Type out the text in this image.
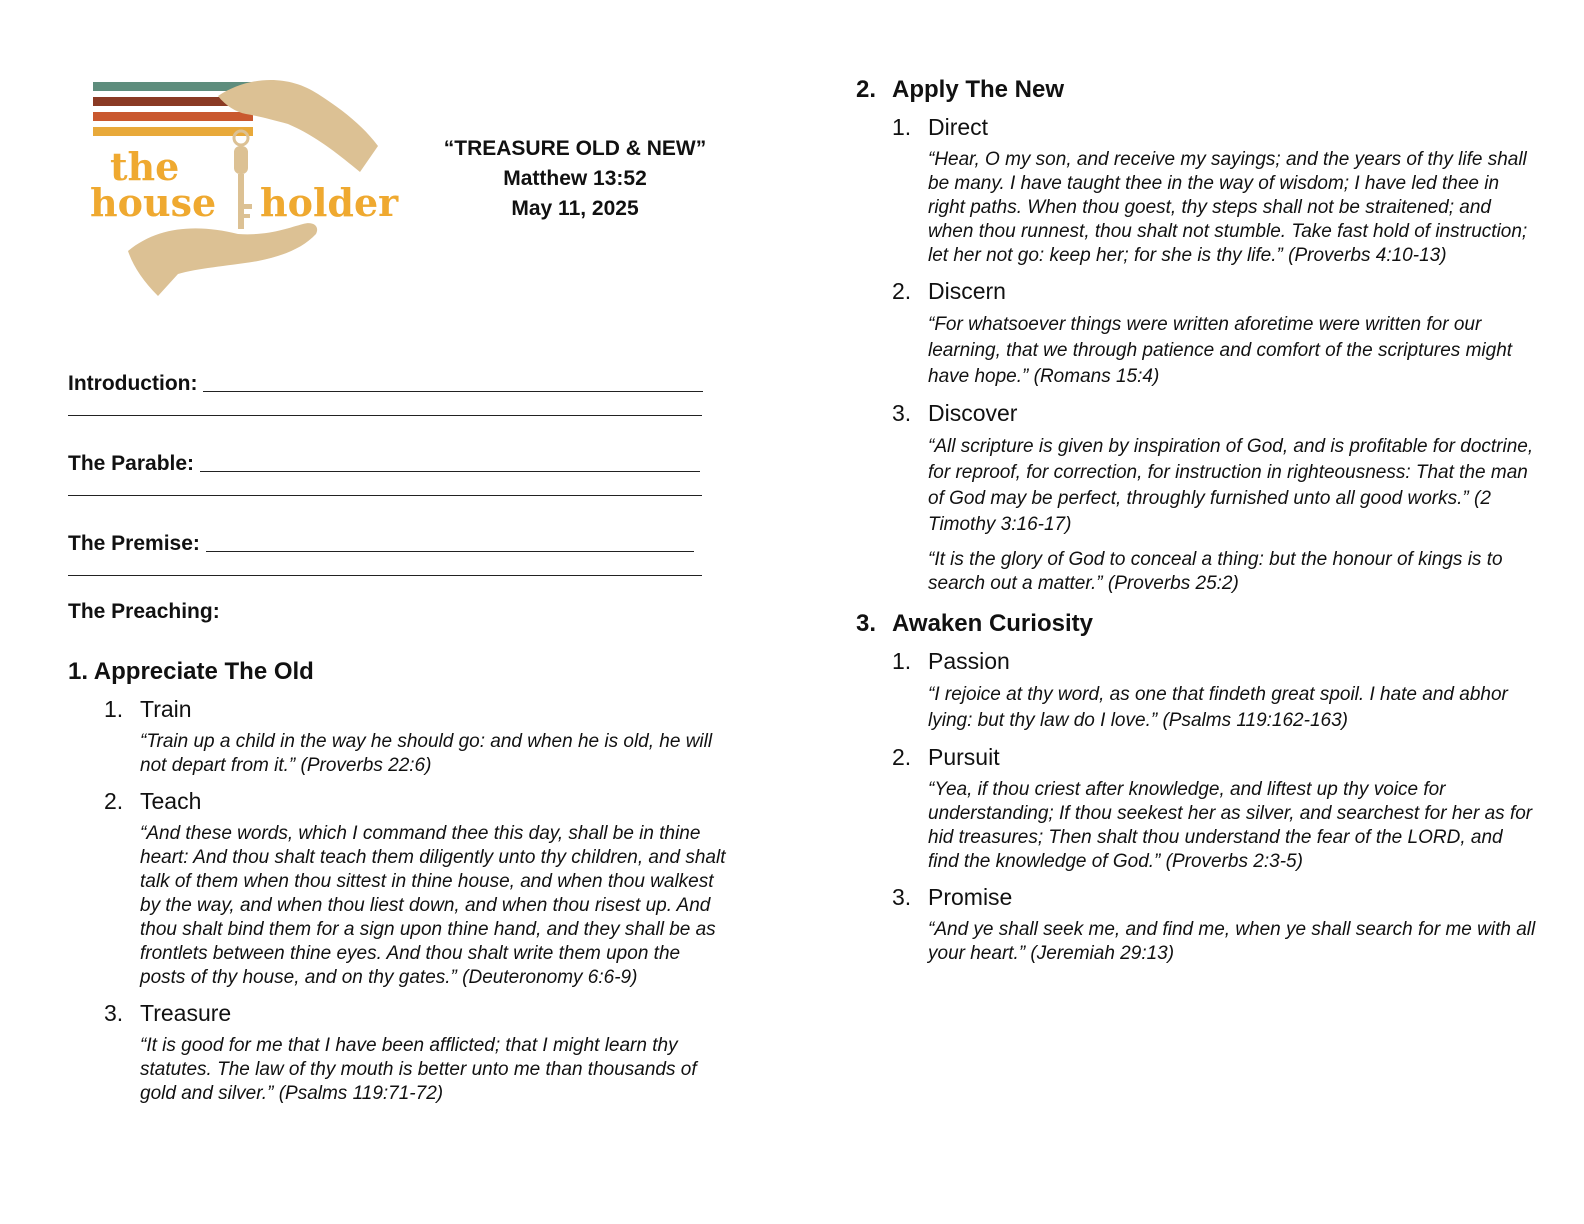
the
house holder
“TREASURE OLD & NEW”
Matthew 13:52
May 11, 2025
Introduction:
The Parable:
The Premise:
The Preaching:
1. Appreciate The Old
1. Train
“Train up a child in the way he should go: and when he is old, he will not depart from it.” (Proverbs 22:6)
2. Teach
“And these words, which I command thee this day, shall be in thine heart: And thou shalt teach them diligently unto thy children, and shalt talk of them when thou sittest in thine house, and when thou walkest by the way, and when thou liest down, and when thou risest up. And thou shalt bind them for a sign upon thine hand, and they shall be as frontlets between thine eyes. And thou shalt write them upon the posts of thy house, and on thy gates.” (Deuteronomy 6:6-9)
3. Treasure
“It is good for me that I have been afflicted; that I might learn thy statutes. The law of thy mouth is better unto me than thousands of gold and silver.” (Psalms 119:71-72)
2. Apply The New
1. Direct
“Hear, O my son, and receive my sayings; and the years of thy life shall be many. I have taught thee in the way of wisdom; I have led thee in right paths. When thou goest, thy steps shall not be straitened; and when thou runnest, thou shalt not stumble. Take fast hold of instruction; let her not go: keep her; for she is thy life.” (Proverbs 4:10-13)
2. Discern
“For whatsoever things were written aforetime were written for our learning, that we through patience and comfort of the scriptures might have hope.” (Romans 15:4)
3. Discover
“All scripture is given by inspiration of God, and is profitable for doctrine, for reproof, for correction, for instruction in righteousness: That the man of God may be perfect, throughly furnished unto all good works.” (2 Timothy 3:16-17)
“It is the glory of God to conceal a thing: but the honour of kings is to search out a matter.” (Proverbs 25:2)
3. Awaken Curiosity
1. Passion
“I rejoice at thy word, as one that findeth great spoil. I hate and abhor lying: but thy law do I love.” (Psalms 119:162-163)
2. Pursuit
“Yea, if thou criest after knowledge, and liftest up thy voice for understanding; If thou seekest her as silver, and searchest for her as for hid treasures; Then shalt thou understand the fear of the LORD, and find the knowledge of God.” (Proverbs 2:3-5)
3. Promise
“And ye shall seek me, and find me, when ye shall search for me with all your heart.” (Jeremiah 29:13)
